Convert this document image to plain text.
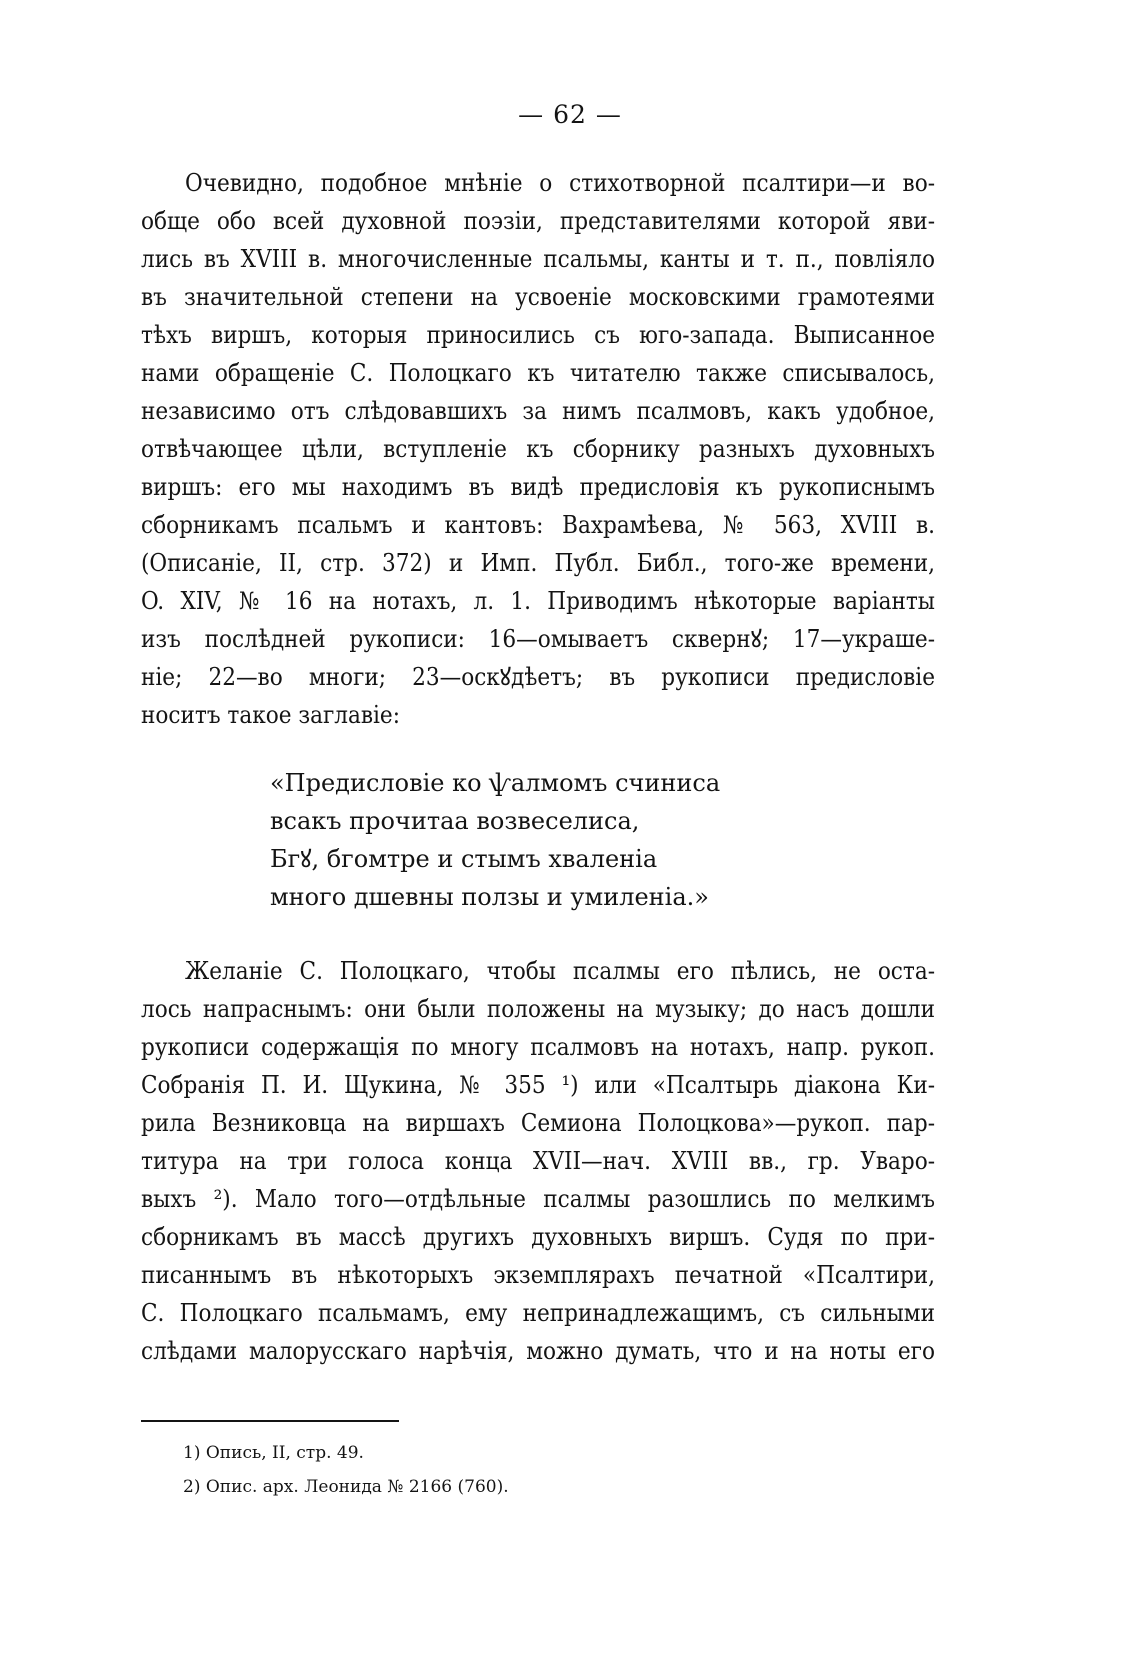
— 62 —
Очевидно, подобное мнѣніе о стихотворной псалтири—и во-
обще обо всей духовной поэзіи, представителями которой яви-
лись въ XVIII в. многочисленные псальмы, канты и т. п., повліяло
въ значительной степени на усвоеніе московскими грамотеями
тѣхъ виршъ, которыя приносились съ юго-запада. Выписанное
нами обращеніе С. Полоцкаго къ читателю также списывалось,
независимо отъ слѣдовавшихъ за нимъ псалмовъ, какъ удобное,
отвѣчающее цѣли, вступленіе къ сборнику разныхъ духовныхъ
виршъ: его мы находимъ въ видѣ предисловія къ рукописнымъ
сборникамъ псальмъ и кантовъ: Вахрамѣева, № 563, XVIII в.
(Описаніе, II, стр. 372) и Имп. Публ. Библ., того-же времени,
O. XIV, № 16 на нотахъ, л. 1. Приводимъ нѣкоторые варіанты
изъ послѣдней рукописи: 16—омываетъ сквернꙋ; 17—украше-
ніе; 22—во многи; 23—оскꙋдѣетъ; въ рукописи предисловіе
носитъ такое заглавіе:
«Предисловіе ко ѱалмомъ счиниса
всакъ прочитаа возвеселиса,
Бгꙋ, бгомтре и стымъ хваленіа
много дшевны ползы и умиленіа.»
Желаніе С. Полоцкаго, чтобы псалмы его пѣлись, не оста-
лось напраснымъ: они были положены на музыку; до насъ дошли
рукописи содержащія по многу псалмовъ на нотахъ, напр. рукоп.
Собранія П. И. Щукина, № 355 ¹) или «Псалтырь діакона Ки-
рила Везниковца на виршахъ Семиона Полоцкова»—рукоп. пар-
титура на три голоса конца XVII—нач. XVIII вв., гр. Уваро-
выхъ ²). Мало того—отдѣльные псалмы разошлись по мелкимъ
сборникамъ въ массѣ другихъ духовныхъ виршъ. Судя по при-
писаннымъ въ нѣкоторыхъ экземплярахъ печатной «Псалтири,
С. Полоцкаго псальмамъ, ему непринадлежащимъ, съ сильными
слѣдами малорусскаго нарѣчія, можно думать, что и на ноты его
1) Опись, II, стр. 49.
2) Опис. арх. Леонида № 2166 (760).
